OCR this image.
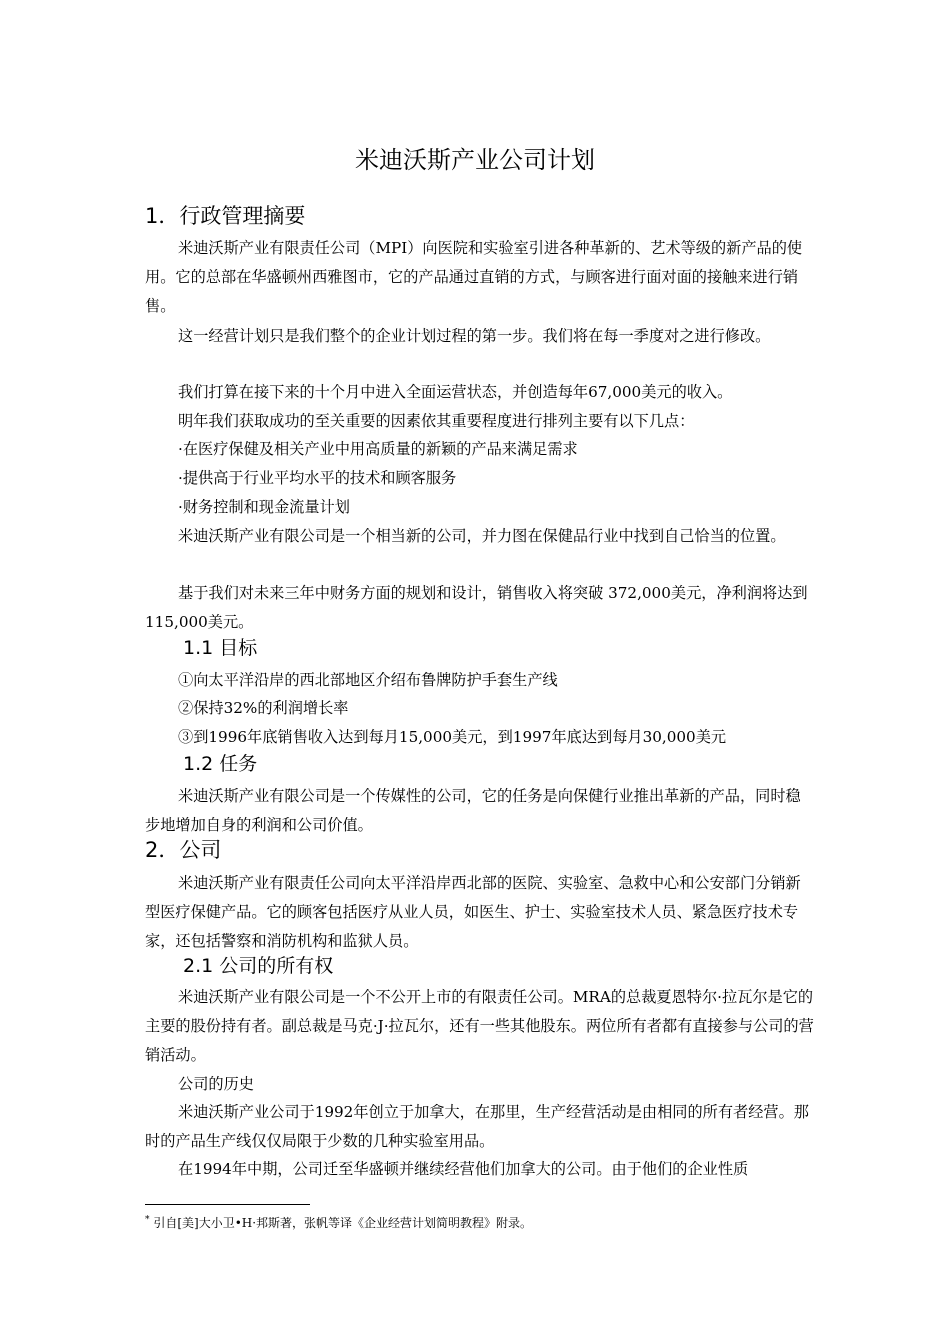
米迪沃斯产业公司计划
1．行政管理摘要
米迪沃斯产业有限责任公司（MPI）向医院和实验室引进各种革新的、艺术等级的新产品的使用。它的总部在华盛顿州西雅图市，它的产品通过直销的方式，与顾客进行面对面的接触来进行销售。
这一经营计划只是我们整个的企业计划过程的第一步。我们将在每一季度对之进行修改。
我们打算在接下来的十个月中进入全面运营状态，并创造每年67,000美元的收入。
明年我们获取成功的至关重要的因素依其重要程度进行排列主要有以下几点：
·在医疗保健及相关产业中用高质量的新颖的产品来满足需求
·提供高于行业平均水平的技术和顾客服务
·财务控制和现金流量计划
米迪沃斯产业有限公司是一个相当新的公司，并力图在保健品行业中找到自己恰当的位置。
基于我们对未来三年中财务方面的规划和设计，销售收入将突破 372,000美元，净利润将达到115,000美元。
1.1 目标
①向太平洋沿岸的西北部地区介绍布鲁牌防护手套生产线
②保持32%的利润增长率
③到1996年底销售收入达到每月15,000美元，到1997年底达到每月30,000美元
1.2 任务
米迪沃斯产业有限公司是一个传媒性的公司，它的任务是向保健行业推出革新的产品，同时稳步地增加自身的利润和公司价值。
2．公司
米迪沃斯产业有限责任公司向太平洋沿岸西北部的医院、实验室、急救中心和公安部门分销新型医疗保健产品。它的顾客包括医疗从业人员，如医生、护士、实验室技术人员、紧急医疗技术专家，还包括警察和消防机构和监狱人员。
2.1 公司的所有权
米迪沃斯产业有限公司是一个不公开上市的有限责任公司。MRA的总裁夏恩特尔·拉瓦尔是它的主要的股份持有者。副总裁是马克·J·拉瓦尔，还有一些其他股东。两位所有者都有直接参与公司的营销活动。
公司的历史
米迪沃斯产业公司于1992年创立于加拿大，在那里，生产经营活动是由相同的所有者经营。那时的产品生产线仅仅局限于少数的几种实验室用品。
在1994年中期，公司迁至华盛顿并继续经营他们加拿大的公司。由于他们的企业性质
* 引自[美]大小卫•H·邦斯著，张帆等译《企业经营计划简明教程》附录。
